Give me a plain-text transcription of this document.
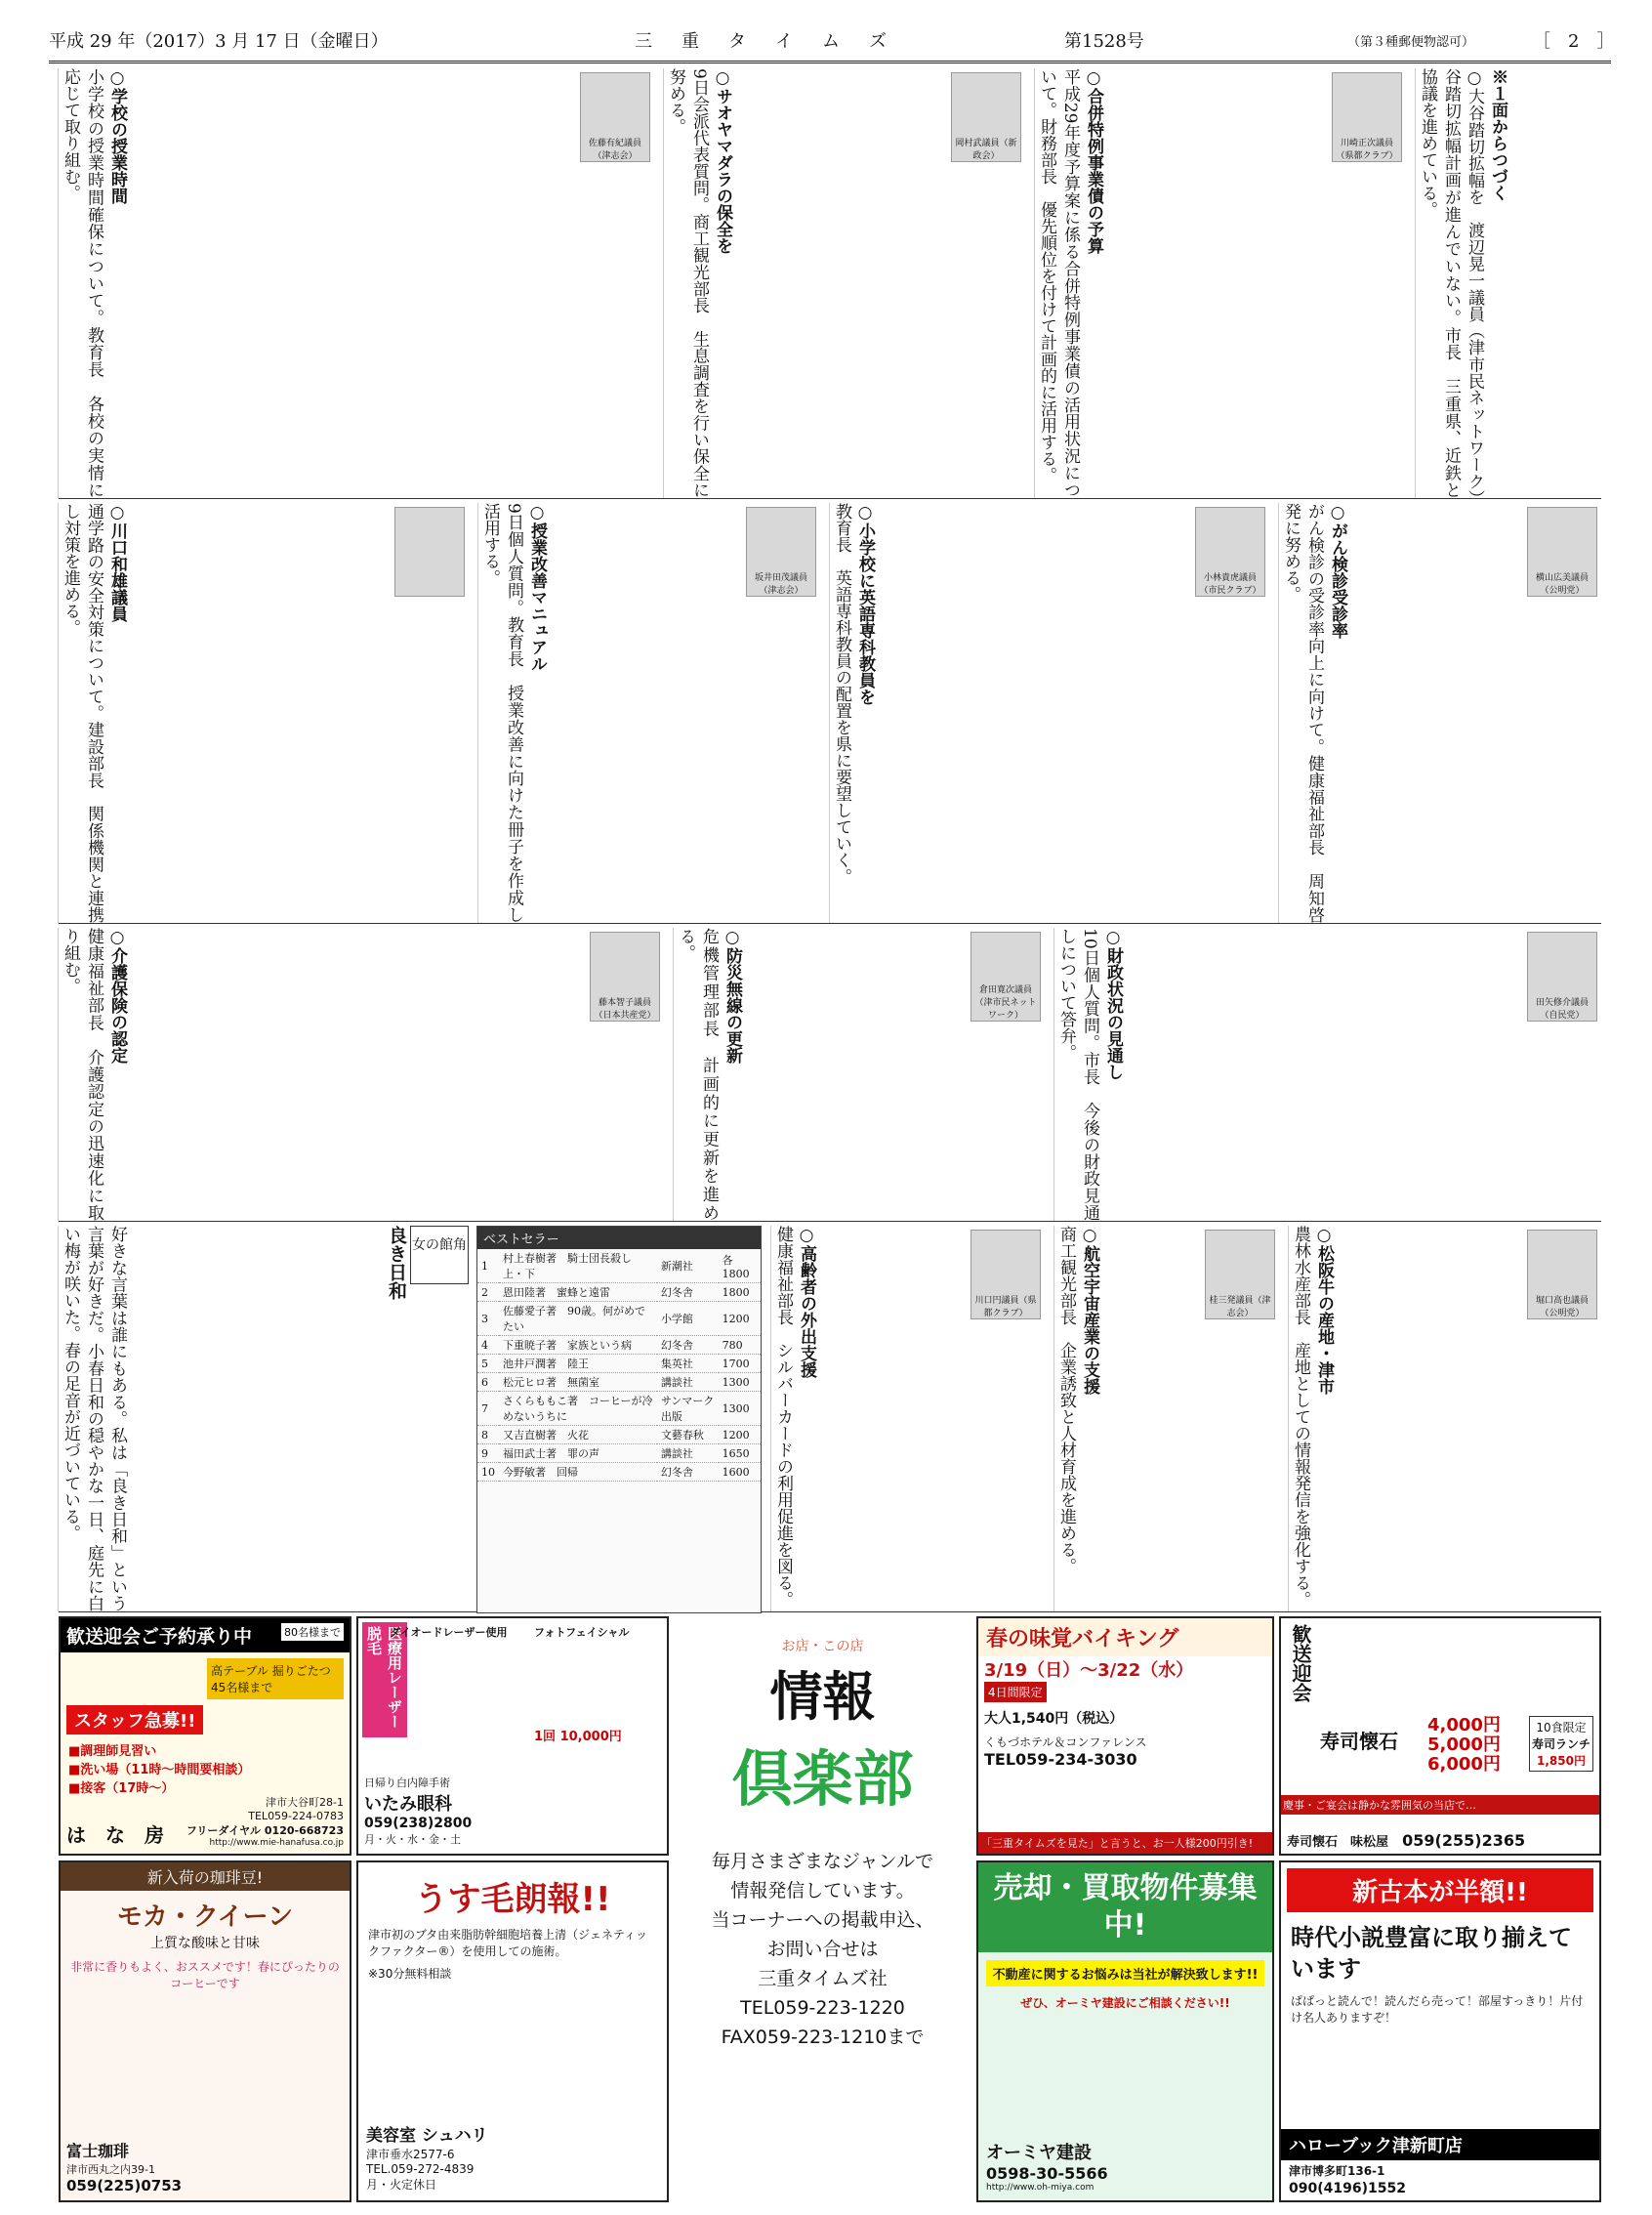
平成 29 年（2017）3 月 17 日（金曜日）	三　重　タ　イ　ム　ズ	第1528号	（第３種郵便物認可）	［　2　］
※１面からつづく
○大谷踏切拡幅を　渡辺晃一議員（津市民ネットワーク）　谷踏切拡幅計画が進んでいない。市長　三重県、近鉄と協議を進めている。
川崎正次議員（県都クラブ）
○合併特例事業債の予算
平成29年度予算案に係る合併特例事業債の活用状況について。財務部長　優先順位を付けて計画的に活用する。
岡村武議員（新政会）
○サオヤマダラの保全を
9日会派代表質問。商工観光部長　生息調査を行い保全に努める。
佐藤有紀議員（津志会）
○学校の授業時間
小学校の授業時間確保について。教育長　各校の実情に応じて取り組む。
横山広美議員（公明党）
○がん検診受診率
がん検診の受診率向上に向けて。健康福祉部長　周知啓発に努める。
小林貴虎議員（市民クラブ）
○小学校に英語専科教員を
教育長　英語専科教員の配置を県に要望していく。
坂井田茂議員（津志会）
○授業改善マニュアル
9日個人質問。教育長　授業改善に向けた冊子を作成し活用する。
○川口和雄議員
通学路の安全対策について。建設部長　関係機関と連携し対策を進める。
田矢修介議員（自民党）
○財政状況の見通し
10日個人質問。市長　今後の財政見通しについて答弁。
倉田寛次議員（津市民ネットワーク）
○防災無線の更新
危機管理部長　計画的に更新を進める。
藤本智子議員（日本共産党）
○介護保険の認定
健康福祉部長　介護認定の迅速化に取り組む。
堀口高也議員（公明党）
○松阪牛の産地・津市
農林水産部長　産地としての情報発信を強化する。
桂三発議員（津志会）
○航空宇宙産業の支援
商工観光部長　企業誘致と人材育成を進める。
川口円議員（県都クラブ）
○高齢者の外出支援
健康福祉部長　シルバーカードの利用促進を図る。
ベストセラー
1	村上春樹著　騎士団長殺し 上・下	新潮社	各1800
2	恩田陸著　蜜蜂と遠雷	幻冬舎	1800
3	佐藤愛子著　90歳。何がめでたい	小学館	1200
4	下重暁子著　家族という病	幻冬舎	780
5	池井戸潤著　陸王	集英社	1700
6	松元ヒロ著　無菌室	講談社	1300
7	さくらももこ著　コーヒーが冷めないうちに	サンマーク出版	1300
8	又吉直樹著　火花	文藝春秋	1200
9	福田武士著　罪の声	講談社	1650
10	今野敏著　回帰	幻冬舎	1600
女の館角
良き日和
好きな言葉は誰にもある。私は「良き日和」という言葉が好きだ。小春日和の穏やかな一日、庭先に白い梅が咲いた。春の足音が近づいている。
歓送迎会ご予約承り中	80名様まで
高テーブル 掘りごたつ 45名様まで
スタッフ急募!!
■調理師見習い
■洗い場（11時〜時間要相談）
■接客（17時〜）
は　な　房
津市大谷町28-1
TEL059-224-0783
フリーダイヤル 0120-668723
http://www.mie-hanafusa.co.jp
医療用レーザー脱毛 ダイオードレーザー使用	フォトフェイシャル
1回 10,000円
日帰り白内障手術
いたみ眼科
059(238)2800
月・火・水・金・土
お店・この店
情報
倶楽部
毎月さまざまなジャンルで
情報発信しています。
当コーナーへの掲載申込、
お問い合せは
三重タイムズ社
TEL059-223-1220
FAX059-223-1210まで
春の味覚バイキング
3/19（日）〜3/22（水）
4日間限定
大人1,540円（税込）
くもづホテル＆コンファレンス
TEL059-234-3030
「三重タイムズを見た」と言うと、お一人様200円引き!
歓送迎会
寿司懐石
4,000円
5,000円
6,000円
10食限定
寿司ランチ
1,850円
慶事・ご宴会は静かな雰囲気の当店で…
寿司懐石　味松屋 059(255)2365
新入荷の珈琲豆!
モカ・クイーン
上質な酸味と甘味
非常に香りもよく、おススメです！春にぴったりのコーヒーです
富士珈琲
津市西丸之内39-1
059(225)0753
うす毛朗報!!
津市初のブタ由来脂肪幹細胞培養上清（ジェネティックファクター®）を使用しての施術。
※30分無料相談
美容室 シュハリ
津市垂水2577-6
TEL.059-272-4839
月・火定休日
売却・買取物件募集中!
不動産に関するお悩みは当社が解決致します!!
ぜひ、オーミヤ建設にご相談ください!!
オーミヤ建設
0598-30-5566
http://www.oh-miya.com
新古本が半額!!
時代小説豊富に取り揃えています
ぱぱっと読んで！読んだら売って！部屋すっきり！片付け名人ありますぞ！
ハローブック津新町店
津市博多町136-1
090(4196)1552
